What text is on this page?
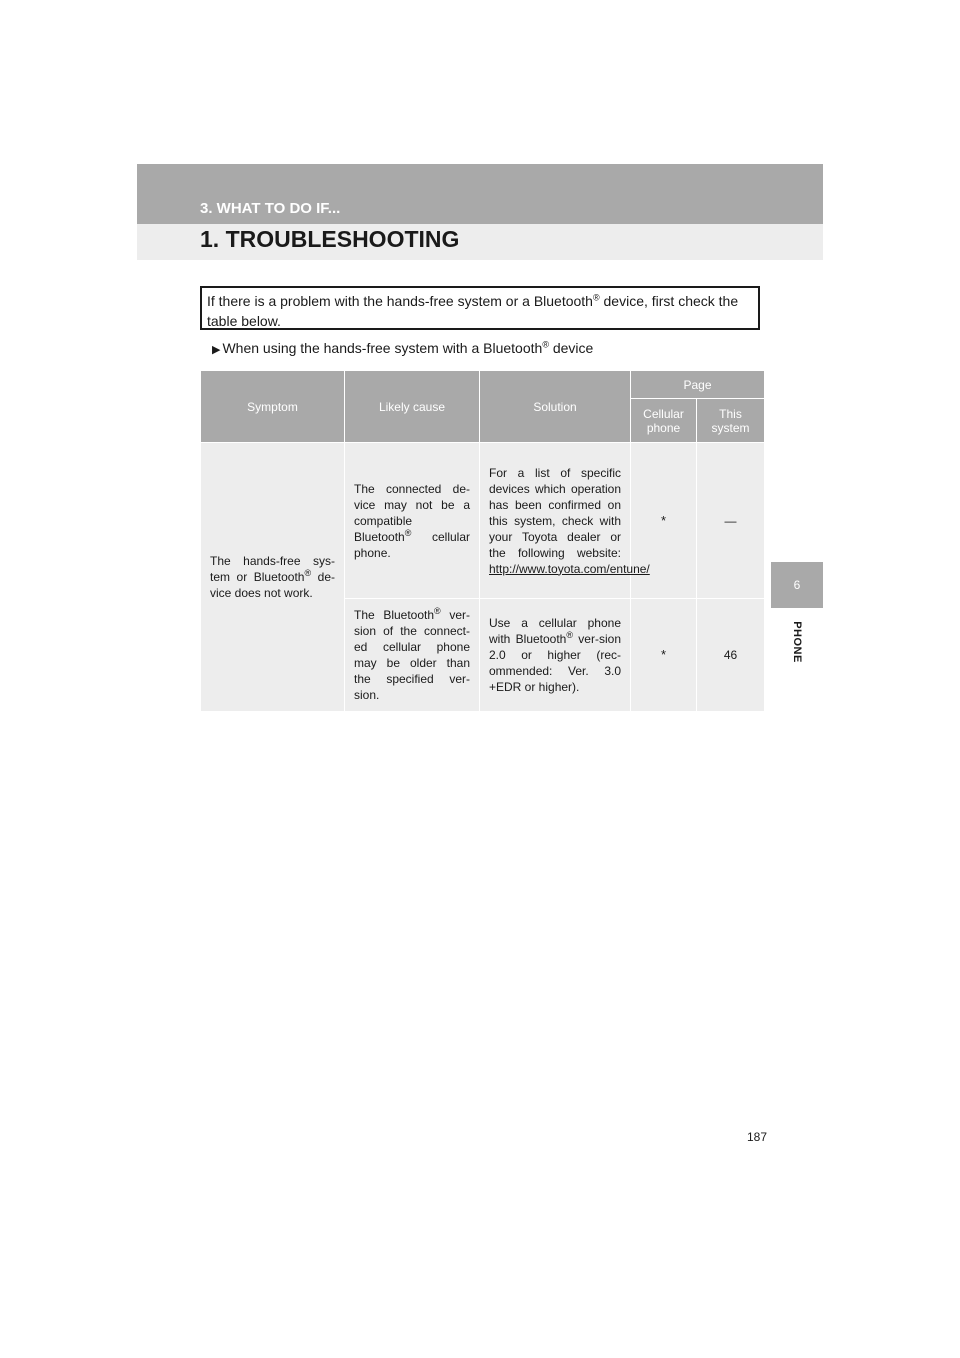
3. WHAT TO DO IF...
1. TROUBLESHOOTING
6
PHONE
If there is a problem with the hands-free system or a Bluetooth® device, first check the table below.
▶ When using the hands-free system with a Bluetooth® device
Symptom	Likely cause	Solution	Page	
			Cellular phone	This system
The hands-free sys-tem or Bluetooth® de-vice does not work.	The connected de-vice may not be a compatible Bluetooth® cellular phone.	For a list of specific devices which operation has been confirmed on this system, check with your Toyota dealer or the following website: http://www.toyota.com/entune/	*	—
	The Bluetooth® ver-sion of the connect-ed cellular phone may be older than the specified ver-sion.	Use a cellular phone with Bluetooth® ver-sion 2.0 or higher (rec-ommended: Ver. 3.0 +EDR or higher).	*	46
187
